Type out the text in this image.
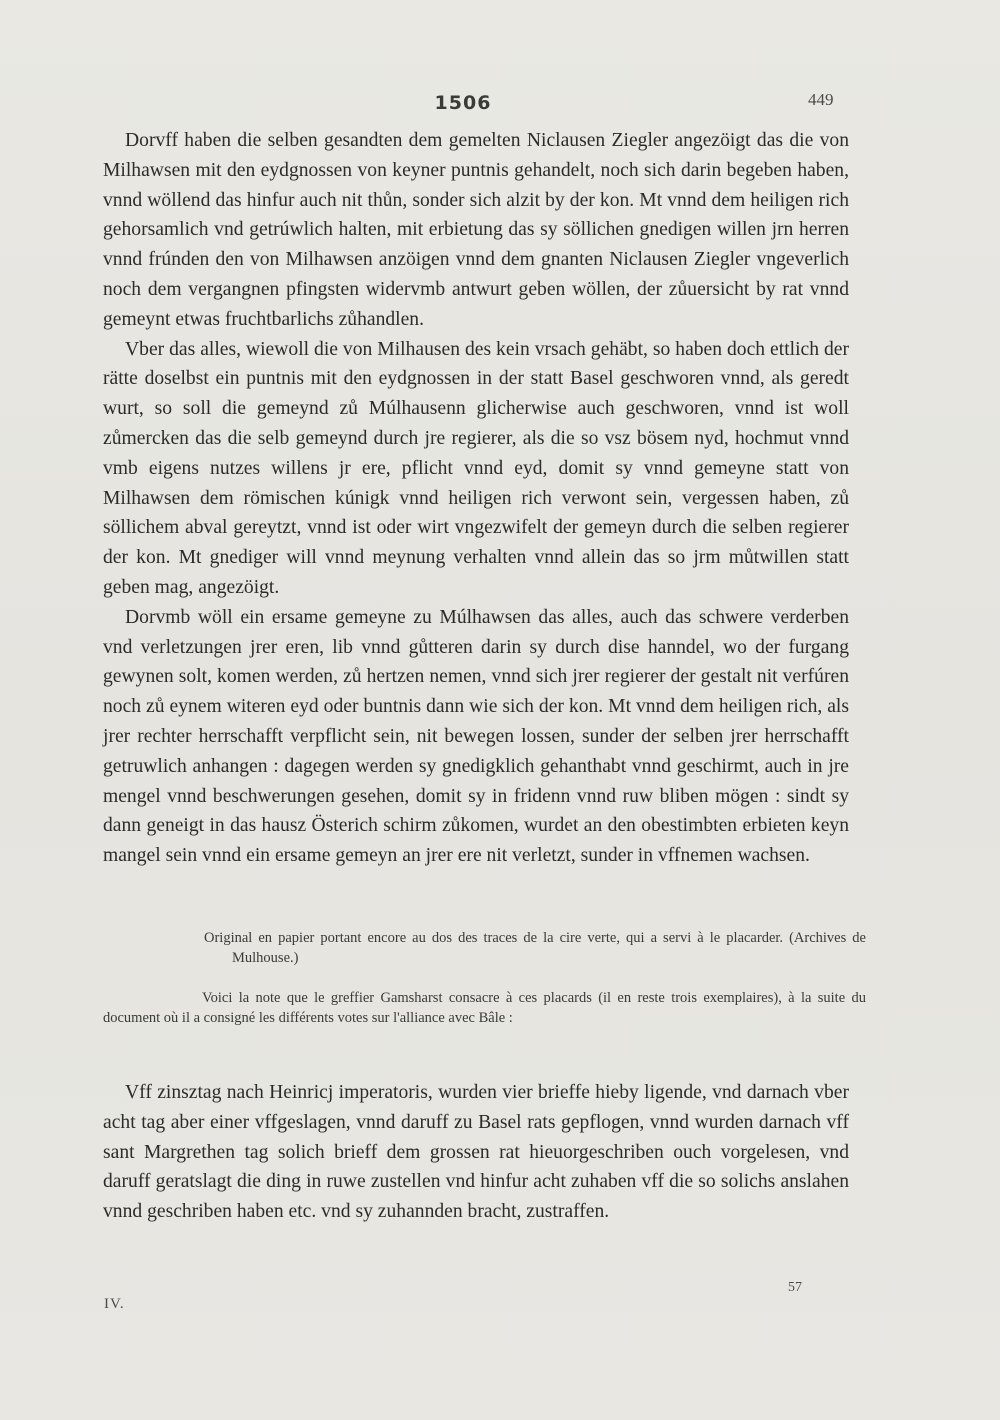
1506	449

Dorvff haben die selben gesandten dem gemelten Niclausen Ziegler angezöigt das die von Milhawsen mit den eydgnossen von keyner puntnis gehandelt, noch sich darin begeben haben, vnnd wöllend das hinfur auch nit thůn, sonder sich alzit by der kon. Mt vnnd dem heiligen rich gehorsamlich vnd getrúwlich halten, mit erbietung das sy söllichen gnedigen willen jrn herren vnnd frúnden den von Milhawsen anzöigen vnnd dem gnanten Niclausen Ziegler vngeverlich noch dem vergangnen pfingsten widervmb antwurt geben wöllen, der zůuersicht by rat vnnd gemeynt etwas fruchtbarlichs zůhandlen.

Vber das alles, wiewoll die von Milhausen des kein vrsach gehäbt, so haben doch ettlich der rätte doselbst ein puntnis mit den eydgnossen in der statt Basel geschworen vnnd, als geredt wurt, so soll die gemeynd zů Múlhausenn glicherwise auch geschworen, vnnd ist woll zůmercken das die selb gemeynd durch jre regierer, als die so vsz bösem nyd, hochmut vnnd vmb eigens nutzes willens jr ere, pflicht vnnd eyd, domit sy vnnd gemeyne statt von Milhawsen dem römischen kúnigk vnnd heiligen rich verwont sein, vergessen haben, zů söllichem abval gereytzt, vnnd ist oder wirt vngezwifelt der gemeyn durch die selben regierer der kon. Mt gnediger will vnnd meynung verhalten vnnd allein das so jrm můtwillen statt geben mag, angezöigt.

Dorvmb wöll ein ersame gemeyne zu Múlhawsen das alles, auch das schwere verderben vnd verletzungen jrer eren, lib vnnd gůtteren darin sy durch dise hanndel, wo der furgang gewynen solt, komen werden, zů hertzen nemen, vnnd sich jrer regierer der gestalt nit verfúren noch zů eynem witeren eyd oder buntnis dann wie sich der kon. Mt vnnd dem heiligen rich, als jrer rechter herrschafft verpflicht sein, nit bewegen lossen, sunder der selben jrer herrschafft getruwlich anhangen : dagegen werden sy gnedigklich gehanthabt vnnd geschirmt, auch in jre mengel vnnd beschwerungen gesehen, domit sy in fridenn vnnd ruw bliben mögen : sindt sy dann geneigt in das hausz Österich schirm zůkomen, wurdet an den obestimbten erbieten keyn mangel sein vnnd ein ersame gemeyn an jrer ere nit verletzt, sunder in vffnemen wachsen.

Original en papier portant encore au dos des traces de la cire verte, qui a servi à le placarder. (Archives de Mulhouse.)
Voici la note que le greffier Gamsharst consacre à ces placards (il en reste trois exemplaires), à la suite du document où il a consigné les différents votes sur l'alliance avec Bâle :

Vff zinsztag nach Heinricj imperatoris, wurden vier brieffe hieby ligende, vnd darnach vber acht tag aber einer vffgeslagen, vnnd daruff zu Basel rats gepflogen, vnnd wurden darnach vff sant Margrethen tag solich brieff dem grossen rat hieuorgeschriben ouch vorgelesen, vnd daruff geratslagt die ding in ruwe zustellen vnd hinfur acht zuhaben vff die so solichs anslahen vnnd geschriben haben etc. vnd sy zuhannden bracht, zustraffen.

IV.
57
